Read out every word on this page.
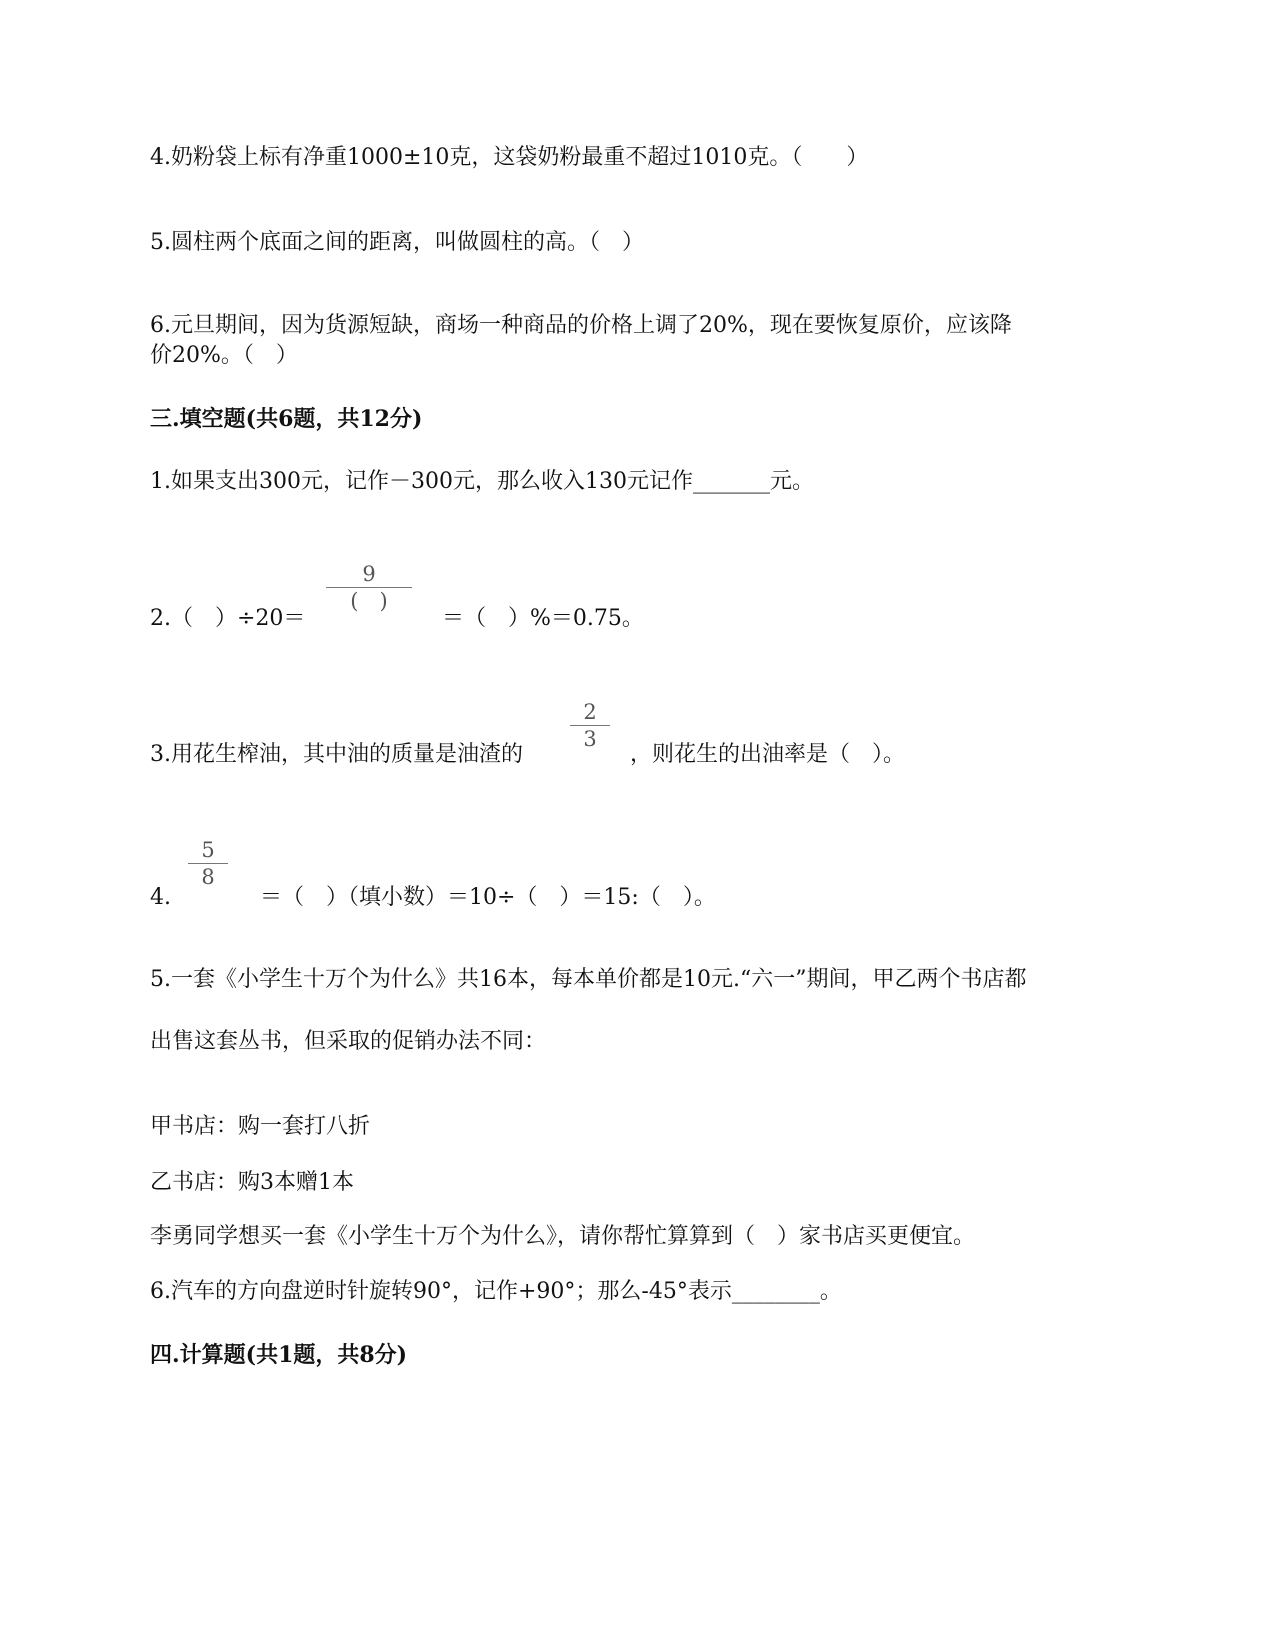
4.奶粉袋上标有净重1000±10克，这袋奶粉最重不超过1010克。（　　）
5.圆柱两个底面之间的距离，叫做圆柱的高。（　）
6.元旦期间，因为货源短缺，商场一种商品的价格上调了20%，现在要恢复原价，应该降
价20%。（　）
三.填空题(共6题，共12分)
1.如果支出300元，记作－300元，那么收入130元记作_______元。
2.（　）÷20＝
9
(　)
＝（　）%＝0.75。
3.用花生榨油，其中油的质量是油渣的
2
3
，则花生的出油率是（　）。
4.
5
8
＝（　）（填小数）＝10÷（　）＝15:（　）。
5.一套《小学生十万个为什么》共16本，每本单价都是10元.“六一”期间，甲乙两个书店都
出售这套丛书，但采取的促销办法不同：
甲书店：购一套打八折
乙书店：购3本赠1本
李勇同学想买一套《小学生十万个为什么》，请你帮忙算算到（　）家书店买更便宜。
6.汽车的方向盘逆时针旋转90°，记作+90°；那么-45°表示________。
四.计算题(共1题，共8分)
